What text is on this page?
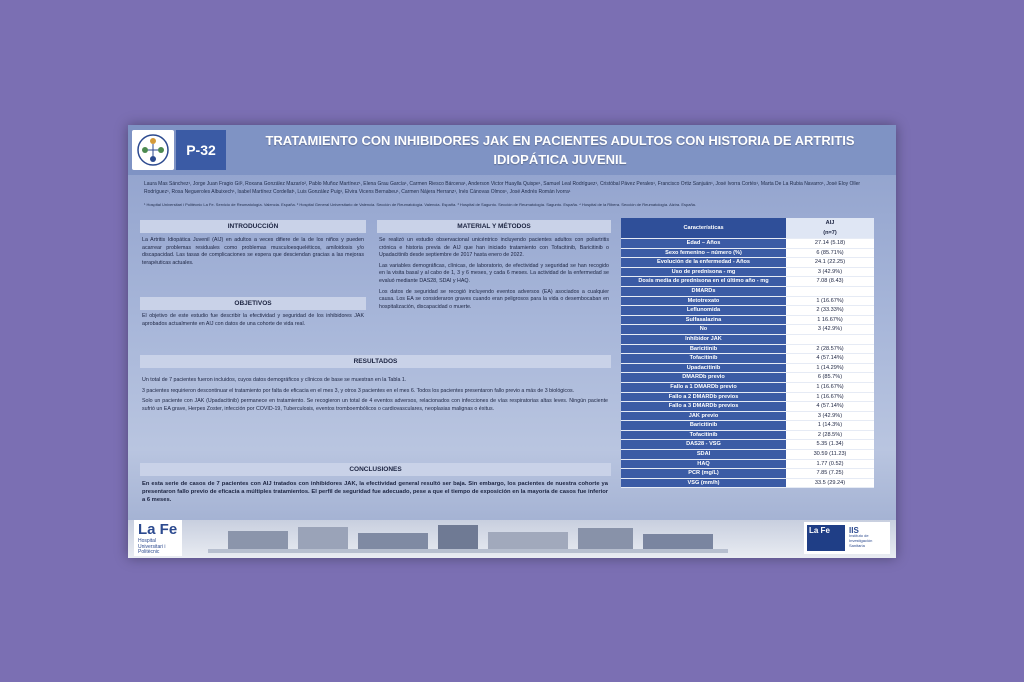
P-32
TRATAMIENTO CON INHIBIDORES JAK EN PACIENTES ADULTOS CON HISTORIA DE ARTRITIS IDIOPÁTICA JUVENIL
Laura Mas Sánchez¹, Jorge Juan Fragio Gil², Roxana González Mazarío², Pablo Muñoz Martínez¹, Elena Grau García¹, Carmen Riesco Bárcena¹, Anderson Victor Huaylla Quispe¹, Samuel Leal Rodríguez¹, Cristóbal Pávez Perales¹, Francisco Ortiz Sanjuán¹, José Ivorra Cortés¹, Marta De La Rubia Navarro¹, José Eloy Oller Rodríguez¹, Rosa Negueroles Albuixech¹, Isabel Martínez Cordellat¹, Luis González Puig¹, Elvira Vicens Bernabeu¹, Carmen Nájera Herranz¹, Inés Cánovas Olmos¹, José Andrés Román Ivorra¹
¹ Hospital Universitari i Politècnic La Fe. Servicio de Reumatología. Valencia. España. ² Hospital General Universitario de Valencia. Sección de Reumatología. Valencia. España. ³ Hospital de Sagunto. Sección de Reumatología. Sagunto. España. ⁴ Hospital de la Ribera. Sección de Reumatología. Alzira. España.
INTRODUCCIÓN
La Artritis Idiopática Juvenil (AIJ) en adultos a veces difiere de la de los niños y pueden acarrear problemas residuales como problemas musculoesqueléticos, amiloidosis y/o discapacidad. Las tasas de complicaciones se espera que desciendan gracias a las mejoras terapéuticas actuales.
OBJETIVOS
El objetivo de este estudio fue describir la efectividad y seguridad de los inhibidores JAK aprobados actualmente en AIJ con datos de una cohorte de vida real.
MATERIAL Y MÉTODOS

Se realizó un estudio observacional unicéntrico incluyendo pacientes adultos con poliartritis crónica e historia previa de AIJ que han iniciado tratamiento con Tofacitinib, Baricitinib o Upadacitinib desde septiembre de 2017 hasta enero de 2022.

Las variables demográficas, clínicas, de laboratorio, de efectividad y seguridad se han recogido en la visita basal y al cabo de 1, 3 y 6 meses, y cada 6 meses. La actividad de la enfermedad se evaluó mediante DAS28, SDAI y HAQ.

Los datos de seguridad se recogió incluyendo eventos adversos (EA) asociados a cualquier causa. Los EA se consideraron graves cuando eran peligrosos para la vida o desembocaban en hospitalización, discapacidad o muerte.

RESULTADOS

Un total de 7 pacientes fueron incluidos, cuyos datos demográficos y clínicos de base se muestran en la Tabla 1.

3 pacientes requirieron descontinuar el tratamiento por falta de eficacia en el mes 3, y otros 3 pacientes en el mes 6. Todos los pacientes presentaron fallo previo a más de 3 biológicos.

Solo un paciente con JAK (Upadacitinib) permanece en tratamiento. Se recogieron un total de 4 eventos adversos, relacionados con infecciones de vías respiratorias altas leves. Ningún paciente sufrió un EA grave, Herpes Zoster, infección por COVID-19, Tuberculosis, eventos tromboembólicos o cardiovasculares, neoplasias malignas o éxitus.

CONCLUSIONES
En esta serie de casos de 7 pacientes con AIJ tratados con inhibidores JAK, la efectividad general resultó ser baja. Sin embargo, los pacientes de nuestra cohorte ya presentaron fallo previo de eficacia a múltiples tratamientos. El perfil de seguridad fue adecuado, pese a que el tiempo de exposición en la mayoría de casos fue inferior a 6 meses.
Características	AIJ
(n=7)
Edad – Años	27.14 (5.18)
Sexo femenino – número (%)	6 (85.71%)
Evolución de la enfermedad - Años	24.1 (22.25)
Uso de prednisona - mg	3 (42.9%)
Dosis media de prednisona en el último año - mg	7.08 (8.43)
DMARDs	
Metotrexato	1 (16.67%)
Leflunomida	2 (33.33%)
Sulfasalazina	1 16.67%)
No	3 (42.9%)
Inhibidor JAK	
Baricitinib	2 (28.57%)
Tofacitinib	4 (57.14%)
Upadacitinib	1 (14.29%)
DMARDb previo	6 (85.7%)
Fallo a 1 DMARDb previo	1 (16.67%)
Fallo a 2 DMARDb previos	1 (16.67%)
Fallo a 3 DMARDb previos	4 (57.14%)
JAK previo	3 (42.9%)
Baricitinib	1 (14.3%)
Tofacitinib	2 (28.5%)
DAS28 - VSG	5.35 (1.34)
SDAI	30.59 (11.23)
HAQ	1.77 (0.52)
PCR (mg/L)	7.85 (7.25)
VSG (mm/h)	33.5 (29.24)
La Fe
Hospital Universitari i Politècnic
La Fe	IIS
Instituto de Investigación Sanitaria
